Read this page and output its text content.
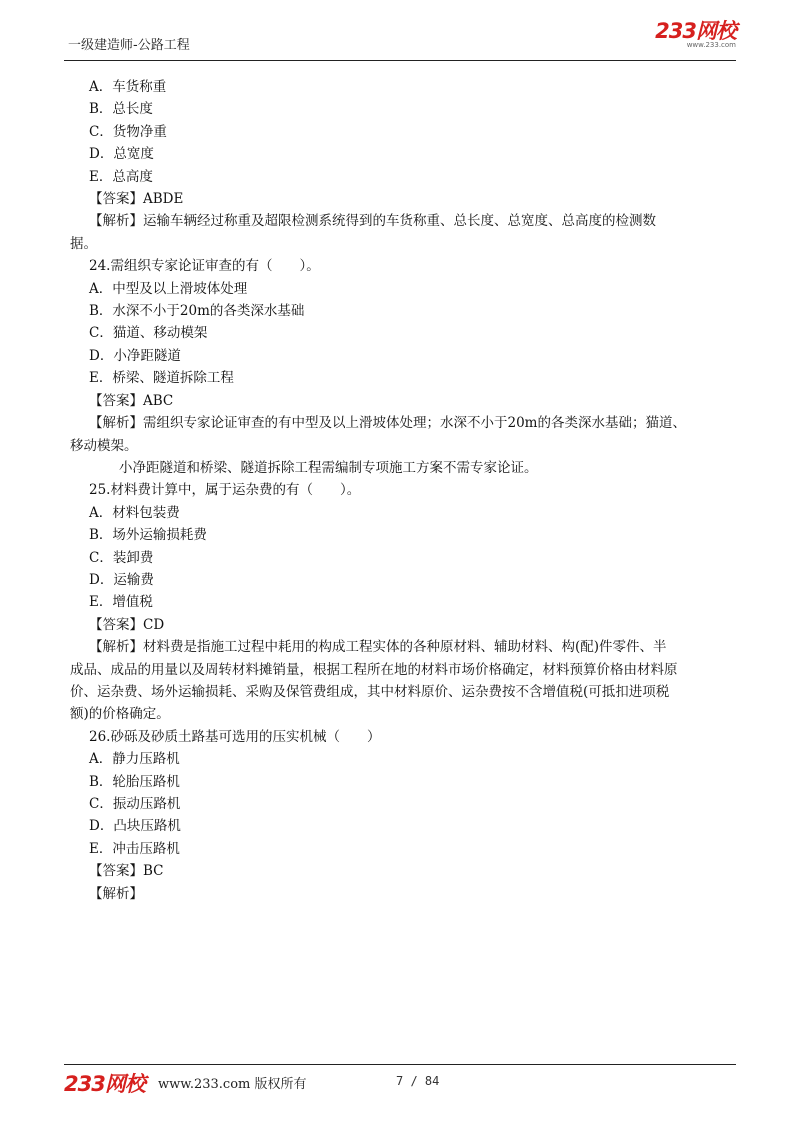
一级建造师-公路工程
233网校
www.233.com
A．车货称重
B．总长度
C．货物净重
D．总宽度
E．总高度
【答案】ABDE
【解析】运输车辆经过称重及超限检测系统得到的车货称重、总长度、总宽度、总高度的检测数
据。
24.需组织专家论证审查的有（　　）。
A．中型及以上滑坡体处理
B．水深不小于20m的各类深水基础
C．猫道、移动模架
D．小净距隧道
E．桥梁、隧道拆除工程
【答案】ABC
【解析】需组织专家论证审查的有中型及以上滑坡体处理；水深不小于20m的各类深水基础；猫道、
移动模架。
小净距隧道和桥梁、隧道拆除工程需编制专项施工方案不需专家论证。
25.材料费计算中，属于运杂费的有（　　）。
A．材料包装费
B．场外运输损耗费
C．装卸费
D．运输费
E．增值税
【答案】CD
【解析】材料费是指施工过程中耗用的构成工程实体的各种原材料、辅助材料、构(配)件零件、半
成品、成品的用量以及周转材料摊销量，根据工程所在地的材料市场价格确定，材料预算价格由材料原
价、运杂费、场外运输损耗、采购及保管费组成，其中材料原价、运杂费按不含增值税(可抵扣进项税
额)的价格确定。
26.砂砾及砂质土路基可选用的压实机械（　　）
A．静力压路机
B．轮胎压路机
C．振动压路机
D．凸块压路机
E．冲击压路机
【答案】BC
【解析】
233网校 www.233.com 版权所有	7 / 84
